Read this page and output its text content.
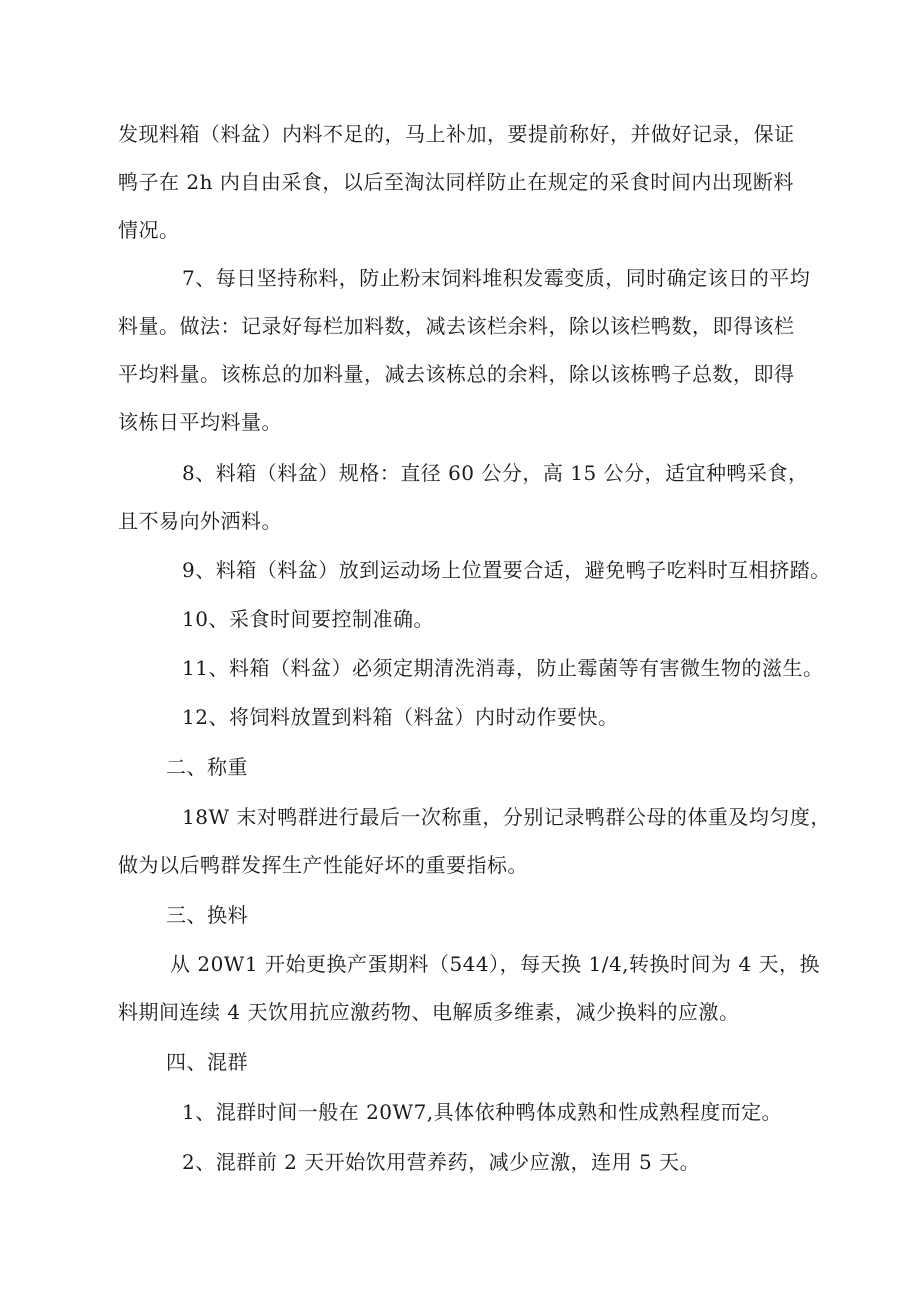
发现料箱（料盆）内料不足的，马上补加，要提前称好，并做好记录，保证
鸭子在 2h 内自由采食，以后至淘汰同样防止在规定的采食时间内出现断料
情况。
7、每日坚持称料，防止粉末饲料堆积发霉变质，同时确定该日的平均
料量。做法：记录好每栏加料数，减去该栏余料，除以该栏鸭数，即得该栏
平均料量。该栋总的加料量，减去该栋总的余料，除以该栋鸭子总数，即得
该栋日平均料量。
8、料箱（料盆）规格：直径 60 公分，高 15 公分，适宜种鸭采食，
且不易向外洒料。
9、料箱（料盆）放到运动场上位置要合适，避免鸭子吃料时互相挤踏。
10、采食时间要控制准确。
11、料箱（料盆）必须定期清洗消毒，防止霉菌等有害微生物的滋生。
12、将饲料放置到料箱（料盆）内时动作要快。
二、称重
18W 末对鸭群进行最后一次称重，分别记录鸭群公母的体重及均匀度，
做为以后鸭群发挥生产性能好坏的重要指标。
三、换料
从 20W1 开始更换产蛋期料（544），每天换 1/4,转换时间为 4 天，换
料期间连续 4 天饮用抗应激药物、电解质多维素，减少换料的应激。
四、混群
1、混群时间一般在 20W7,具体依种鸭体成熟和性成熟程度而定。
2、混群前 2 天开始饮用营养药，减少应激，连用 5 天。
